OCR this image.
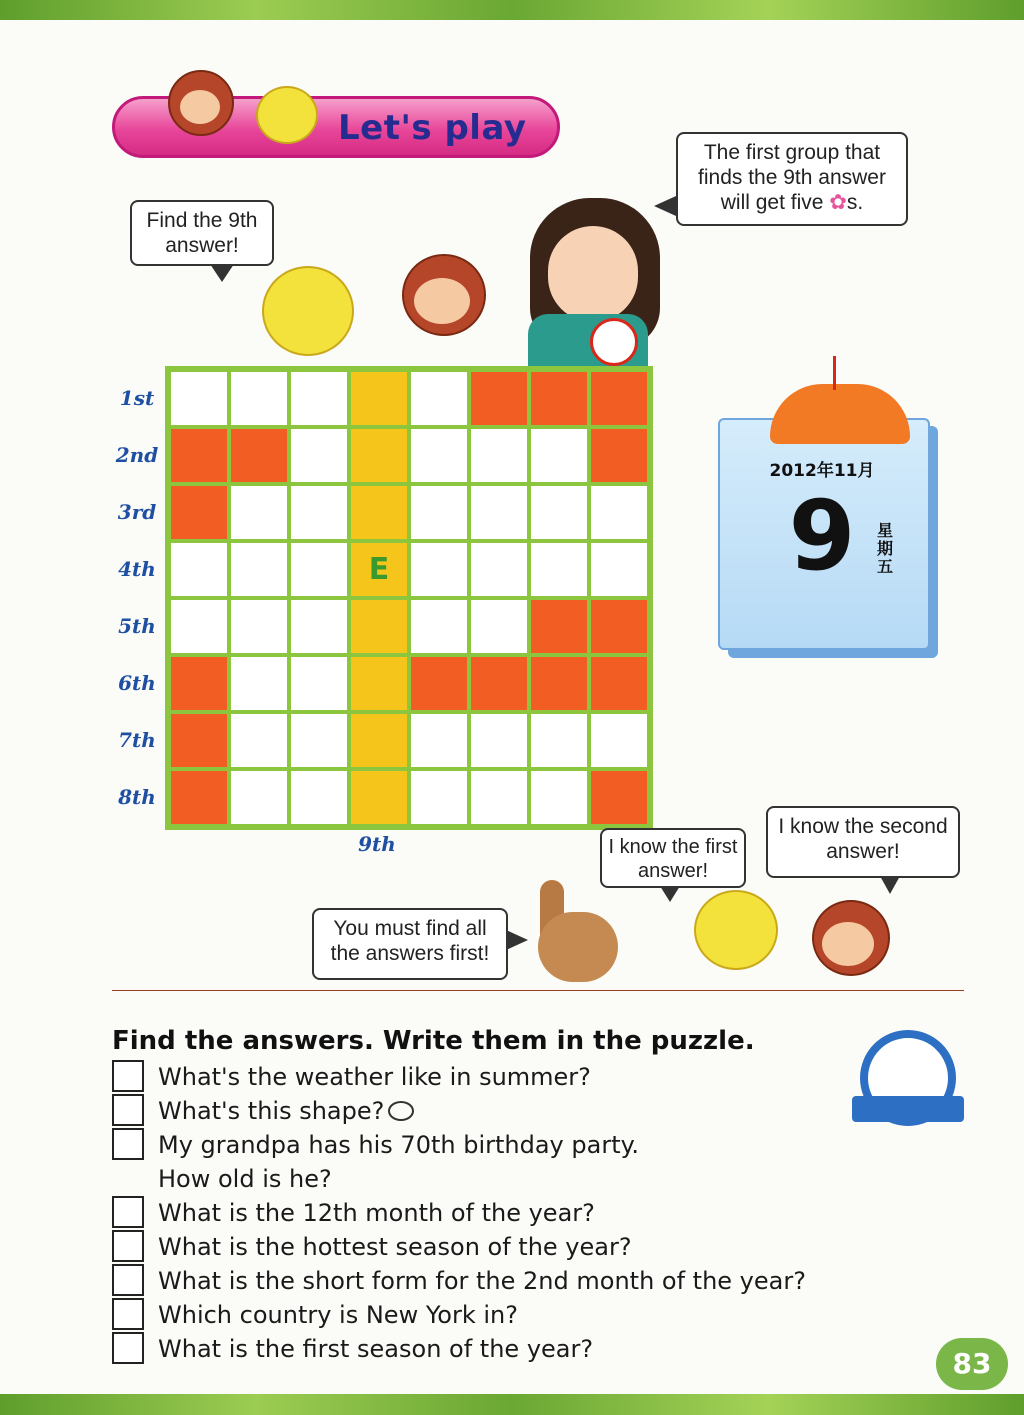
Let's play
Find the 9th answer!
The first group that finds the 9th answer will get five ✿s.
1st
2nd
3rd
4th
5th
6th
7th
8th
E
9th
2012年11月
9	星期五
I know the first answer!
I know the second answer!
You must find all the answers first!
Find the answers. Write them in the puzzle.
What's the weather like in summer?
What's this shape?
My grandpa has his 70th birthday party.
How old is he?
What is the 12th month of the year?
What is the hottest season of the year?
What is the short form for the 2nd month of the year?
Which country is New York in?
What is the first season of the year?	83
